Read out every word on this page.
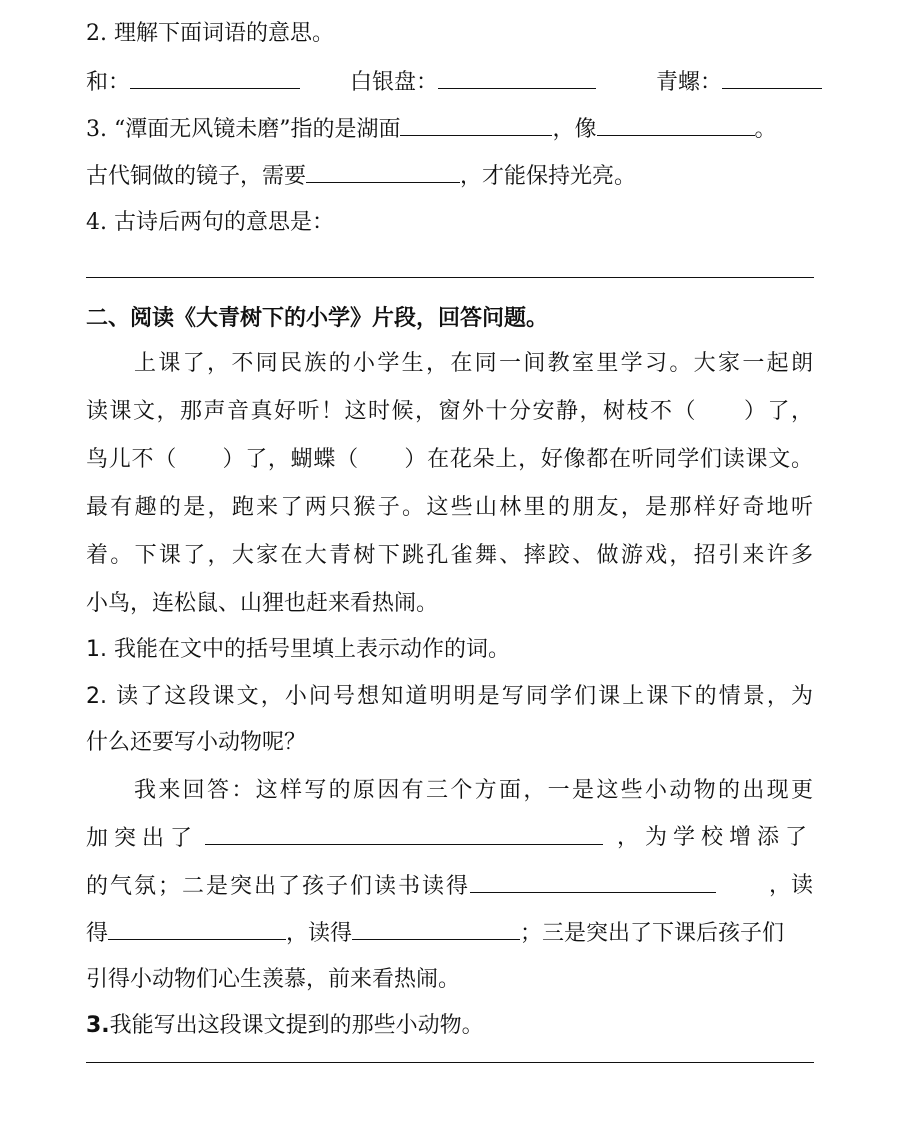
2. 理解下面词语的意思。
和：	白银盘：	青螺：
3. “潭面无风镜未磨”指的是湖面	，像	。
古代铜做的镜子，需要	，才能保持光亮。
4. 古诗后两句的意思是：
二、阅读《大青树下的小学》片段，回答问题。
上课了，不同民族的小学生，在同一间教室里学习。大家一起朗
读课文，那声音真好听！这时候，窗外十分安静，树枝不（　　）了，
鸟儿不（　　）了，蝴蝶（　　）在花朵上，好像都在听同学们读课文。
最有趣的是，跑来了两只猴子。这些山林里的朋友，是那样好奇地听
着。下课了，大家在大青树下跳孔雀舞、摔跤、做游戏，招引来许多
小鸟，连松鼠、山狸也赶来看热闹。
1. 我能在文中的括号里填上表示动作的词。
2. 读了这段课文，小问号想知道明明是写同学们课上课下的情景，为
什么还要写小动物呢？
我来回答：这样写的原因有三个方面，一是这些小动物的出现更
加突出了	，为学校增添了
的气氛；二是突出了孩子们读书读得	，读
得	，读得	；三是突出了下课后孩子们
引得小动物们心生羡慕，前来看热闹。
3.我能写出这段课文提到的那些小动物。
